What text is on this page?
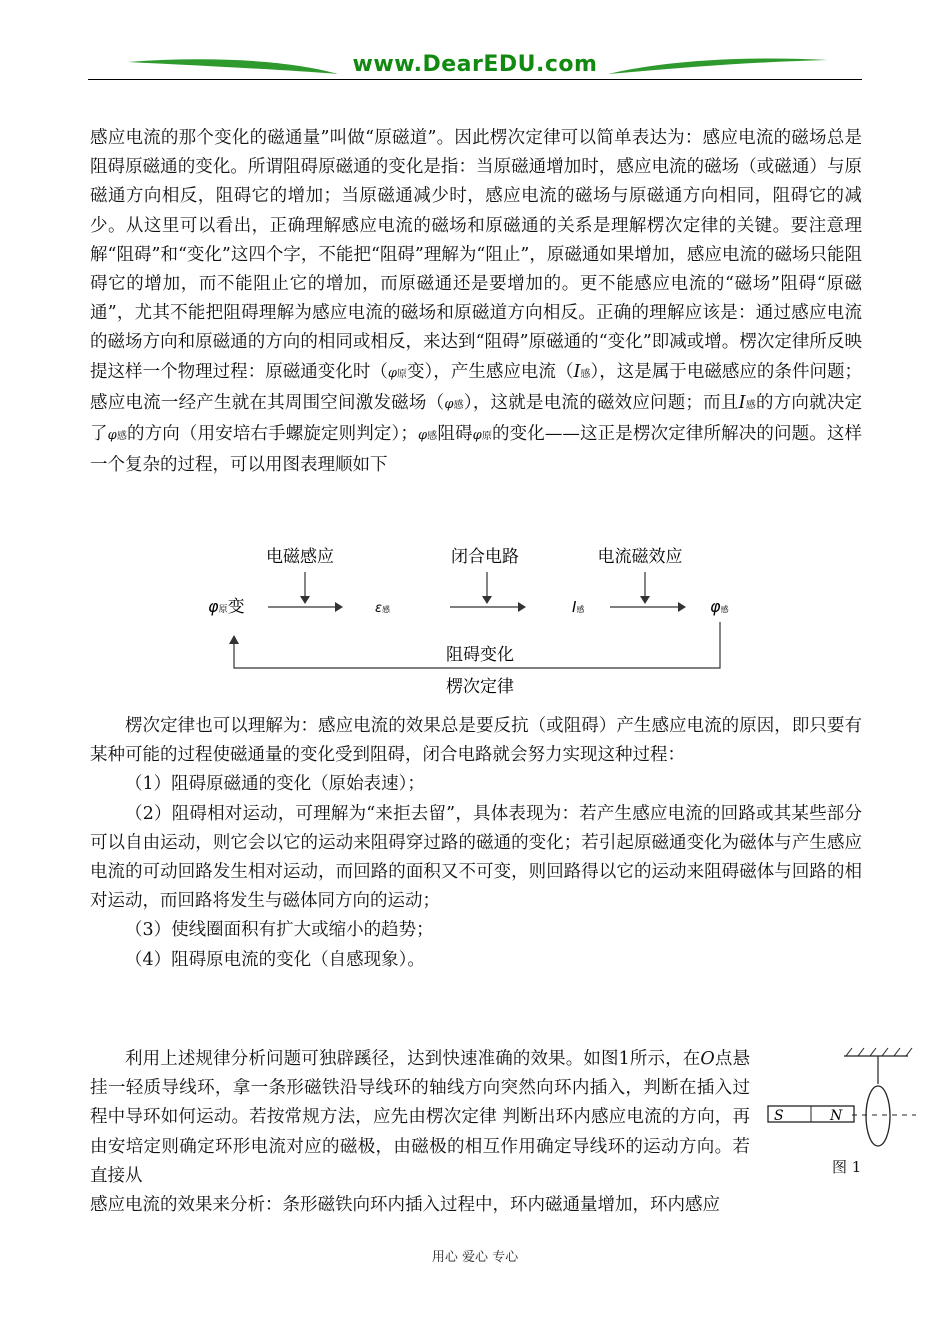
www.DearEDU.com

感应电流的那个变化的磁通量”叫做“原磁道”。因此楞次定律可以简单表达为：感应电流的磁场总是阻碍原磁通的变化。所谓阻碍原磁通的变化是指：当原磁通增加时，感应电流的磁场（或磁通）与原磁通方向相反，阻碍它的增加；当原磁通减少时，感应电流的磁场与原磁通方向相同，阻碍它的减少。从这里可以看出，正确理解感应电流的磁场和原磁通的关系是理解楞次定律的关键。要注意理解“阻碍”和“变化”这四个字，不能把“阻碍”理解为“阻止”，原磁通如果增加，感应电流的磁场只能阻碍它的增加，而不能阻止它的增加，而原磁通还是要增加的。更不能感应电流的“磁场”阻碍“原磁通”，尤其不能把阻碍理解为感应电流的磁场和原磁道方向相反。正确的理解应该是：通过感应电流的磁场方向和原磁通的方向的相同或相反，来达到“阻碍”原磁通的“变化”即减或增。楞次定律所反映提这样一个物理过程：原磁通变化时（φ原变），产生感应电流（I感），这是属于电磁感应的条件问题；感应电流一经产生就在其周围空间激发磁场（φ感），这就是电流的磁效应问题；而且I感的方向就决定了φ感的方向（用安培右手螺旋定则判定）；φ感阻碍φ原的变化——这正是楞次定律所解决的问题。这样一个复杂的过程，可以用图表理顺如下

电磁感应	闭合电路	电流磁效应
φ原变	ε感	I感	φ感
阻碍变化
楞次定律

楞次定律也可以理解为：感应电流的效果总是要反抗（或阻碍）产生感应电流的原因，即只要有某种可能的过程使磁通量的变化受到阻碍，闭合电路就会努力实现这种过程：

（1）阻碍原磁通的变化（原始表速）；

（2）阻碍相对运动，可理解为“来拒去留”，具体表现为：若产生感应电流的回路或其某些部分可以自由运动，则它会以它的运动来阻碍穿过路的磁通的变化；若引起原磁通变化为磁体与产生感应电流的可动回路发生相对运动，而回路的面积又不可变，则回路得以它的运动来阻碍磁体与回路的相对运动，而回路将发生与磁体同方向的运动；

（3）使线圈面积有扩大或缩小的趋势；

（4）阻碍原电流的变化（自感现象）。

利用上述规律分析问题可独辟蹊径，达到快速准确的效果。如图1所示，在O点悬挂一轻质导线环，拿一条形磁铁沿导线环的轴线方向突然向环内插入，判断在插入过程中导环如何运动。若按常规方法，应先由楞次定律 判断出环内感应电流的方向，再由安培定则确定环形电流对应的磁极，由磁极的相互作用确定导线环的运动方向。若直接从

S	N
图 1
感应电流的效果来分析：条形磁铁向环内插入过程中，环内磁通量增加，环内感应
用心 爱心 专心
